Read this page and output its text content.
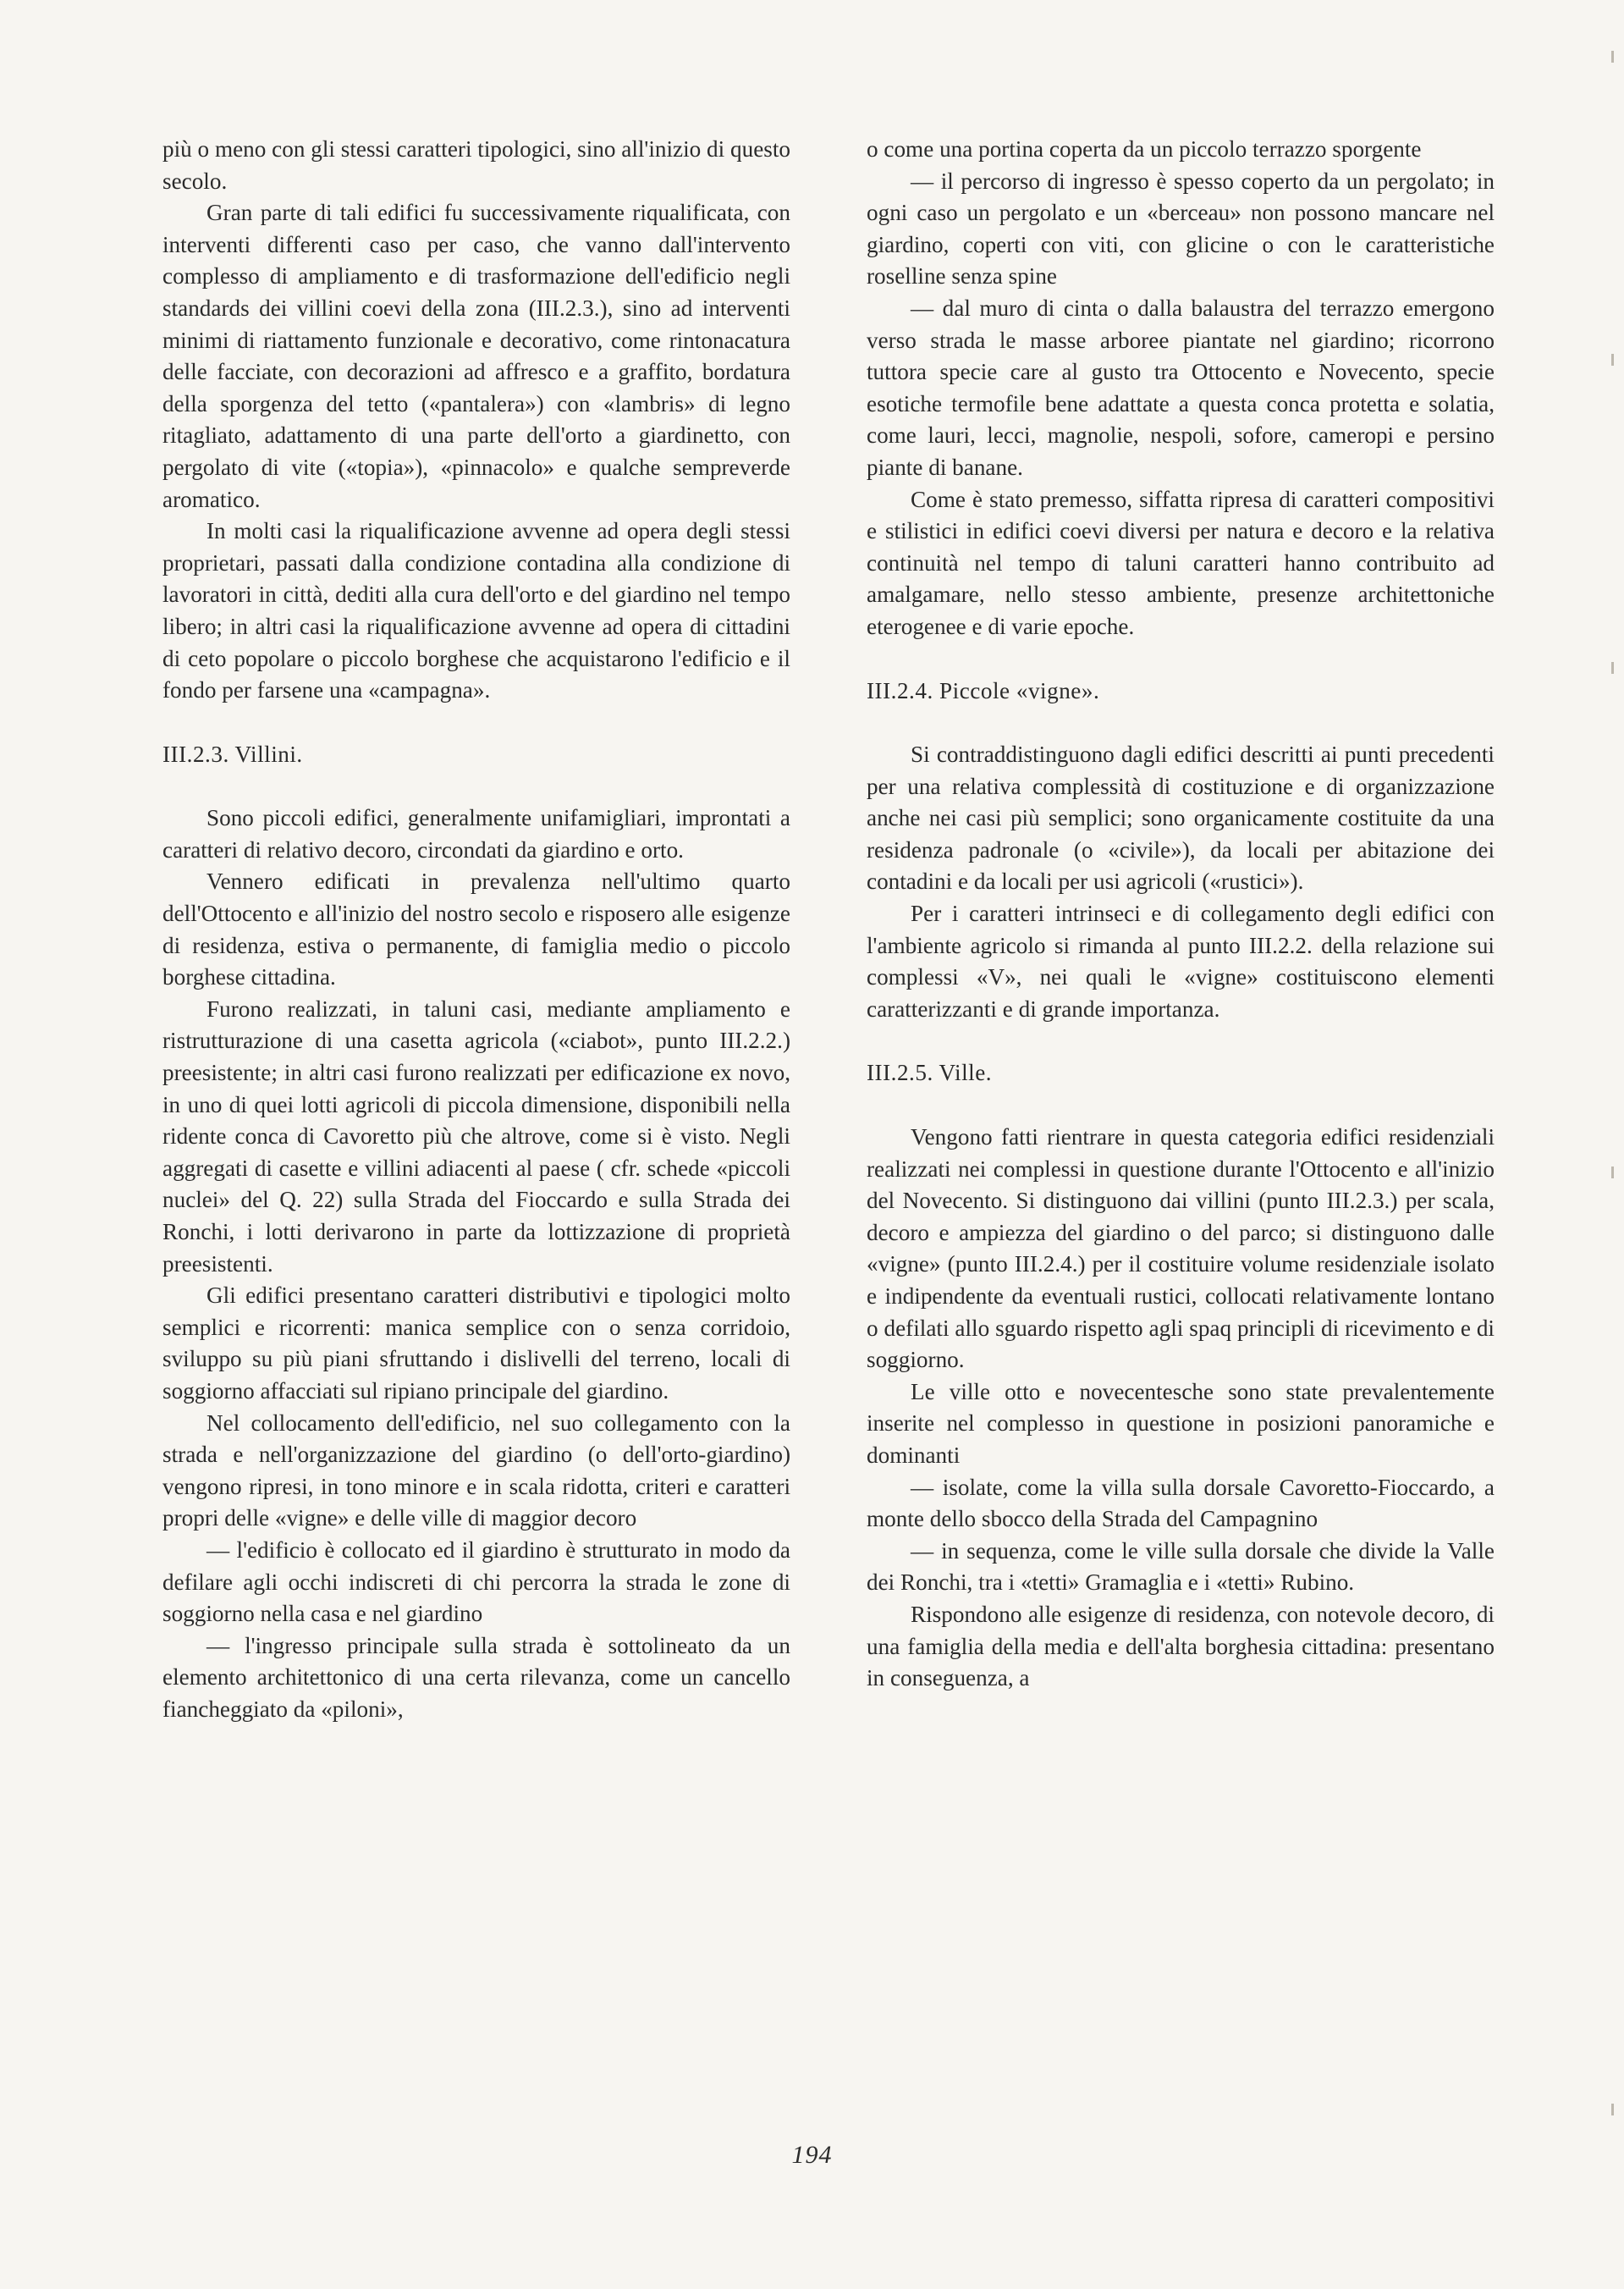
più o meno con gli stessi caratteri tipologici, sino all'inizio di questo secolo.

Gran parte di tali edifici fu successivamente riqualificata, con interventi differenti caso per caso, che vanno dall'intervento complesso di ampliamento e di trasformazione dell'edificio negli standards dei villini coevi della zona (III.2.3.), sino ad interventi minimi di riattamento funzionale e decorativo, come rintonacatura delle facciate, con decorazioni ad affresco e a graffito, bordatura della sporgenza del tetto («pantalera») con «lambris» di legno ritagliato, adattamento di una parte dell'orto a giardinetto, con pergolato di vite («topia»), «pinnacolo» e qualche sempreverde aromatico.

In molti casi la riqualificazione avvenne ad opera degli stessi proprietari, passati dalla condizione contadina alla condizione di lavoratori in città, dediti alla cura dell'orto e del giardino nel tempo libero; in altri casi la riqualificazione avvenne ad opera di cittadini di ceto popolare o piccolo borghese che acquistarono l'edificio e il fondo per farsene una «campagna».

III.2.3. Villini.

Sono piccoli edifici, generalmente unifamigliari, improntati a caratteri di relativo decoro, circondati da giardino e orto.

Vennero edificati in prevalenza nell'ultimo quarto dell'Ottocento e all'inizio del nostro secolo e risposero alle esigenze di residenza, estiva o permanente, di famiglia medio o piccolo borghese cittadina.

Furono realizzati, in taluni casi, mediante ampliamento e ristrutturazione di una casetta agricola («ciabot», punto III.2.2.) preesistente; in altri casi furono realizzati per edificazione ex novo, in uno di quei lotti agricoli di piccola dimensione, disponibili nella ridente conca di Cavoretto più che altrove, come si è visto. Negli aggregati di casette e villini adiacenti al paese ( cfr. schede «piccoli nuclei» del Q. 22) sulla Strada del Fioccardo e sulla Strada dei Ronchi, i lotti derivarono in parte da lottizzazione di proprietà preesistenti.

Gli edifici presentano caratteri distributivi e tipologici molto semplici e ricorrenti: manica semplice con o senza corridoio, sviluppo su più piani sfruttando i dislivelli del terreno, locali di soggiorno affacciati sul ripiano principale del giardino.

Nel collocamento dell'edificio, nel suo collegamento con la strada e nell'organizzazione del giardino (o dell'orto-giardino) vengono ripresi, in tono minore e in scala ridotta, criteri e caratteri propri delle «vigne» e delle ville di maggior decoro

— l'edificio è collocato ed il giardino è strutturato in modo da defilare agli occhi indiscreti di chi percorra la strada le zone di soggiorno nella casa e nel giardino

— l'ingresso principale sulla strada è sottolineato da un elemento architettonico di una certa rilevanza, come un cancello fiancheggiato da «piloni»,

o come una portina coperta da un piccolo terrazzo sporgente

— il percorso di ingresso è spesso coperto da un pergolato; in ogni caso un pergolato e un «berceau» non possono mancare nel giardino, coperti con viti, con glicine o con le caratteristiche roselline senza spine

— dal muro di cinta o dalla balaustra del terrazzo emergono verso strada le masse arboree piantate nel giardino; ricorrono tuttora specie care al gusto tra Ottocento e Novecento, specie esotiche termofile bene adattate a questa conca protetta e solatia, come lauri, lecci, magnolie, nespoli, sofore, cameropi e persino piante di banane.

Come è stato premesso, siffatta ripresa di caratteri compositivi e stilistici in edifici coevi diversi per natura e decoro e la relativa continuità nel tempo di taluni caratteri hanno contribuito ad amalgamare, nello stesso ambiente, presenze architettoniche eterogenee e di varie epoche.

III.2.4. Piccole «vigne».

Si contraddistinguono dagli edifici descritti ai punti precedenti per una relativa complessità di costituzione e di organizzazione anche nei casi più semplici; sono organicamente costituite da una residenza padronale (o «civile»), da locali per abitazione dei contadini e da locali per usi agricoli («rustici»).

Per i caratteri intrinseci e di collegamento degli edifici con l'ambiente agricolo si rimanda al punto III.2.2. della relazione sui complessi «V», nei quali le «vigne» costituiscono elementi caratterizzanti e di grande importanza.

III.2.5. Ville.

Vengono fatti rientrare in questa categoria edifici residenziali realizzati nei complessi in questione durante l'Ottocento e all'inizio del Novecento. Si distinguono dai villini (punto III.2.3.) per scala, decoro e ampiezza del giardino o del parco; si distinguono dalle «vigne» (punto III.2.4.) per il costituire volume residenziale isolato e indipendente da eventuali rustici, collocati relativamente lontano o defilati allo sguardo rispetto agli spaq principli di ricevimento e di soggiorno.

Le ville otto e novecentesche sono state prevalentemente inserite nel complesso in questione in posizioni panoramiche e dominanti

— isolate, come la villa sulla dorsale Cavoretto-Fioccardo, a monte dello sbocco della Strada del Campagnino

— in sequenza, come le ville sulla dorsale che divide la Valle dei Ronchi, tra i «tetti» Gramaglia e i «tetti» Rubino.

Rispondono alle esigenze di residenza, con notevole decoro, di una famiglia della media e dell'alta borghesia cittadina: presentano in conseguenza, a

194
